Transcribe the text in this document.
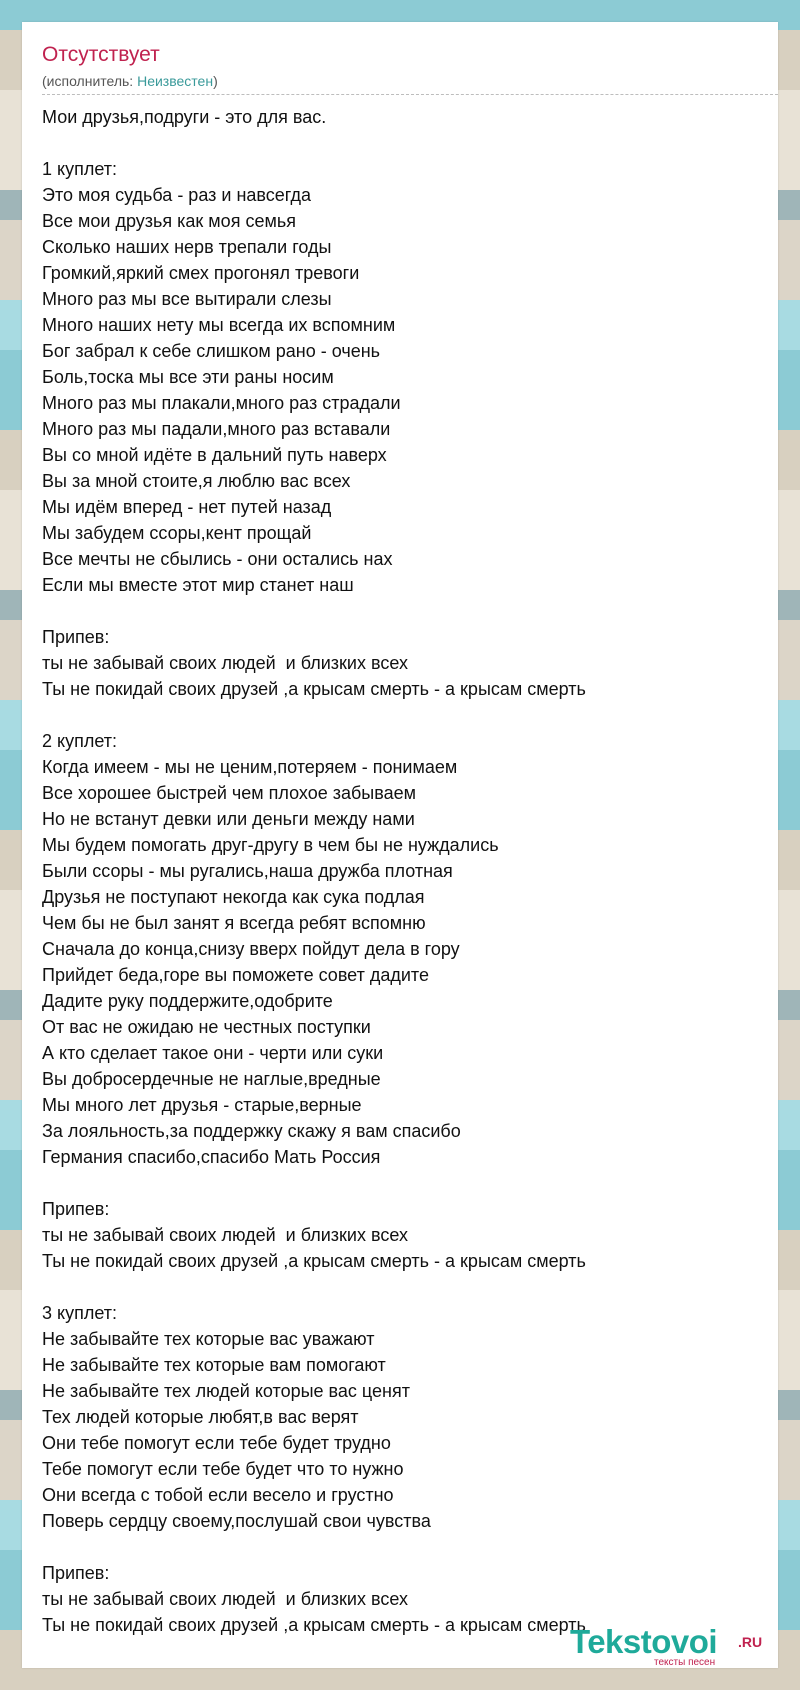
Отсутствует
(исполнитель: Неизвестен)
Мои друзья,подруги - это для вас.
1 куплет:
Это моя судьба - раз и навсегда
Все мои друзья как моя семья
Сколько наших нерв трепали годы
Громкий,яркий смех прогонял тревоги
Много раз мы все вытирали слезы
Много наших нету мы всегда их вспомним
Бог забрал к себе слишком рано - очень
Боль,тоска мы все эти раны носим
Много раз мы плакали,много раз страдали
Много раз мы падали,много раз вставали
Вы со мной идёте в дальний путь наверх
Вы за мной стоите,я люблю вас всех
Мы идём вперед - нет путей назад
Мы забудем ссоры,кент прощай
Все мечты не сбылись - они остались нах
Если мы вместе этот мир станет наш
Припев:
ты не забывай своих людей  и близких всех
Ты не покидай своих друзей ,а крысам смерть - а крысам смерть
2 куплет:
Когда имеем - мы не ценим,потеряем - понимаем
Все хорошее быстрей чем плохое забываем
Но не встанут девки или деньги между нами
Мы будем помогать друг-другу в чем бы не нуждались
Были ссоры - мы ругались,наша дружба плотная
Друзья не поступают некогда как сука подлая
Чем бы не был занят я всегда ребят вспомню
Сначала до конца,снизу вверх пойдут дела в гору
Прийдет беда,горе вы поможете совет дадите
Дадите руку поддержите,одобрите
От вас не ожидаю не честных поступки
А кто сделает такое они - черти или суки
Вы добросердечные не наглые,вредные
Мы много лет друзья - старые,верные
За лояльность,за поддержку скажу я вам спасибо
Германия спасибо,спасибо Мать Россия
Припев:
ты не забывай своих людей  и близких всех
Ты не покидай своих друзей ,а крысам смерть - а крысам смерть
3 куплет:
Не забывайте тех которые вас уважают
Не забывайте тех которые вам помогают
Не забывайте тех людей которые вас ценят
Тех людей которые любят,в вас верят
Они тебе помогут если тебе будет трудно
Тебе помогут если тебе будет что то нужно
Они всегда с тобой если весело и грустно
Поверь сердцу своему,послушай свои чувства
Припев:
ты не забывай своих людей  и близких всех
Ты не покидай своих друзей ,а крысам смерть - а крысам смерть
Tekstovoi .RU
тексты песен
